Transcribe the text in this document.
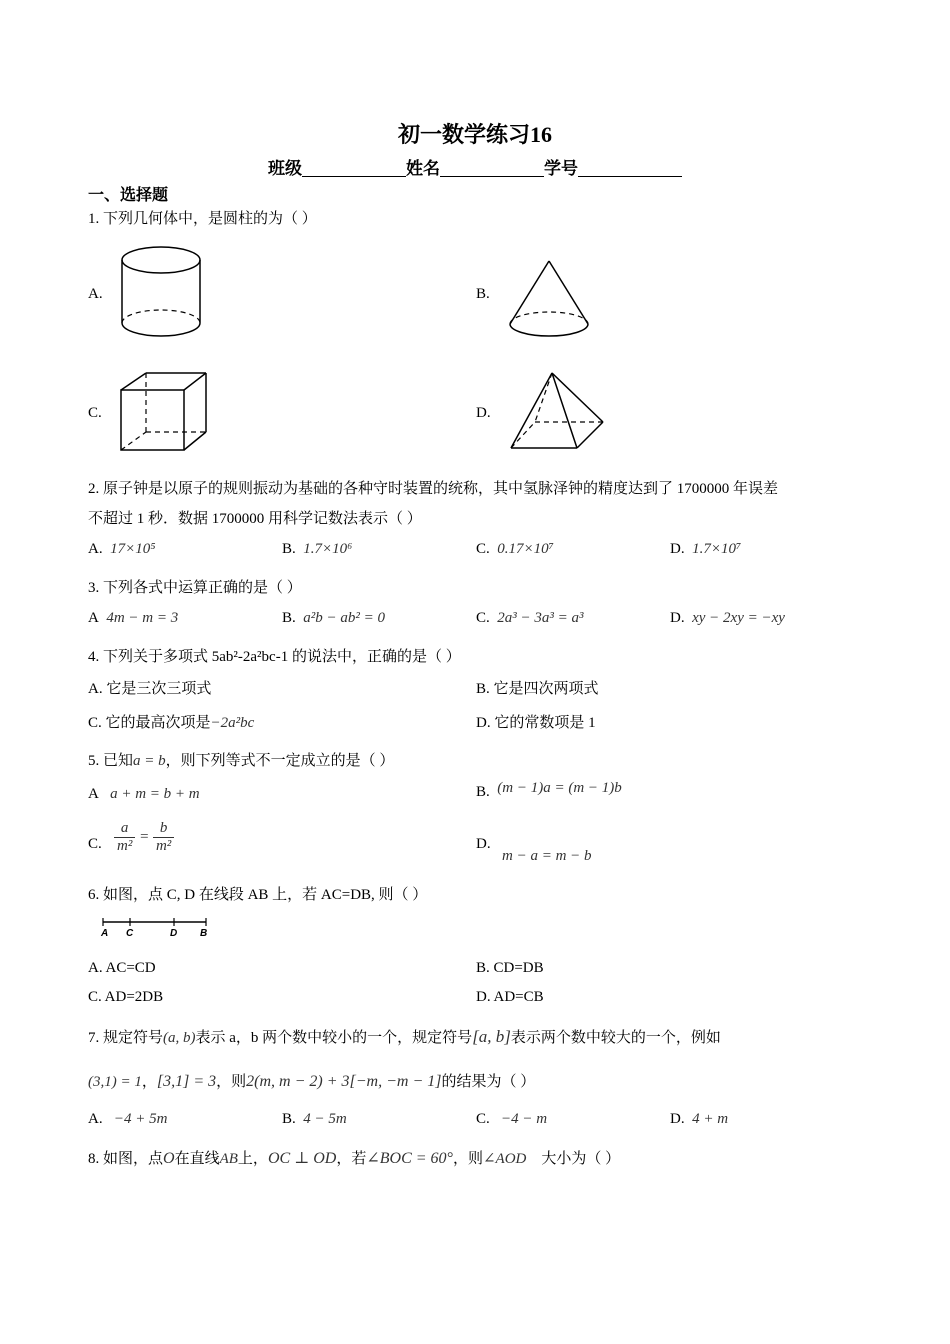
初一数学练习16
班级	姓名	学号
一、选择题
1. 下列几何体中，是圆柱的为（ ）
A.	B.
C.	D.
2. 原子钟是以原子的规则振动为基础的各种守时装置的统称，其中氢脉泽钟的精度达到了 1700000 年误差
不超过 1 秒．数据 1700000 用科学记数法表示（ ）
A. 17×10⁵	B. 1.7×10⁶	C. 0.17×10⁷	D. 1.7×10⁷
3. 下列各式中运算正确的是（ ）
A 4m − m = 3	B. a²b − ab² = 0	C. 2a³ − 3a³ = a³	D. xy − 2xy = −xy
4. 下列关于多项式 5ab²-2a²bc-1 的说法中，正确的是（ ）
A. 它是三次三项式	B. 它是四次两项式
C. 它的最高次项是−2a²bc	D. 它的常数项是 1
5. 已知a = b，则下列等式不一定成立的是（ ）
A a + m = b + m	B. (m − 1)a = (m − 1)b
C. $\frac{a}{\text{m²}} = \frac{b}{\text{m²}}$	D.
m − a = m − b
6. 如图，点 C, D 在线段 AB 上，若 AC=DB, 则（ ）
A C	D B
A. AC=CD	B. CD=DB
C. AD=2DB	D. AD=CB
7. 规定符号(a, b)表示 a，b 两个数中较小的一个，规定符号[a, b]表示两个数中较大的一个，例如
(3,1) = 1，[3,1] = 3，则2(m, m − 2) + 3[−m, −m − 1]的结果为（ ）
A. −4 + 5m	B. 4 − 5m	C. −4 − m	D. 4 + m
8. 如图，点O在直线AB上，OC ⊥ OD，若∠BOC = 60°，则∠AOD 大小为（ ）
